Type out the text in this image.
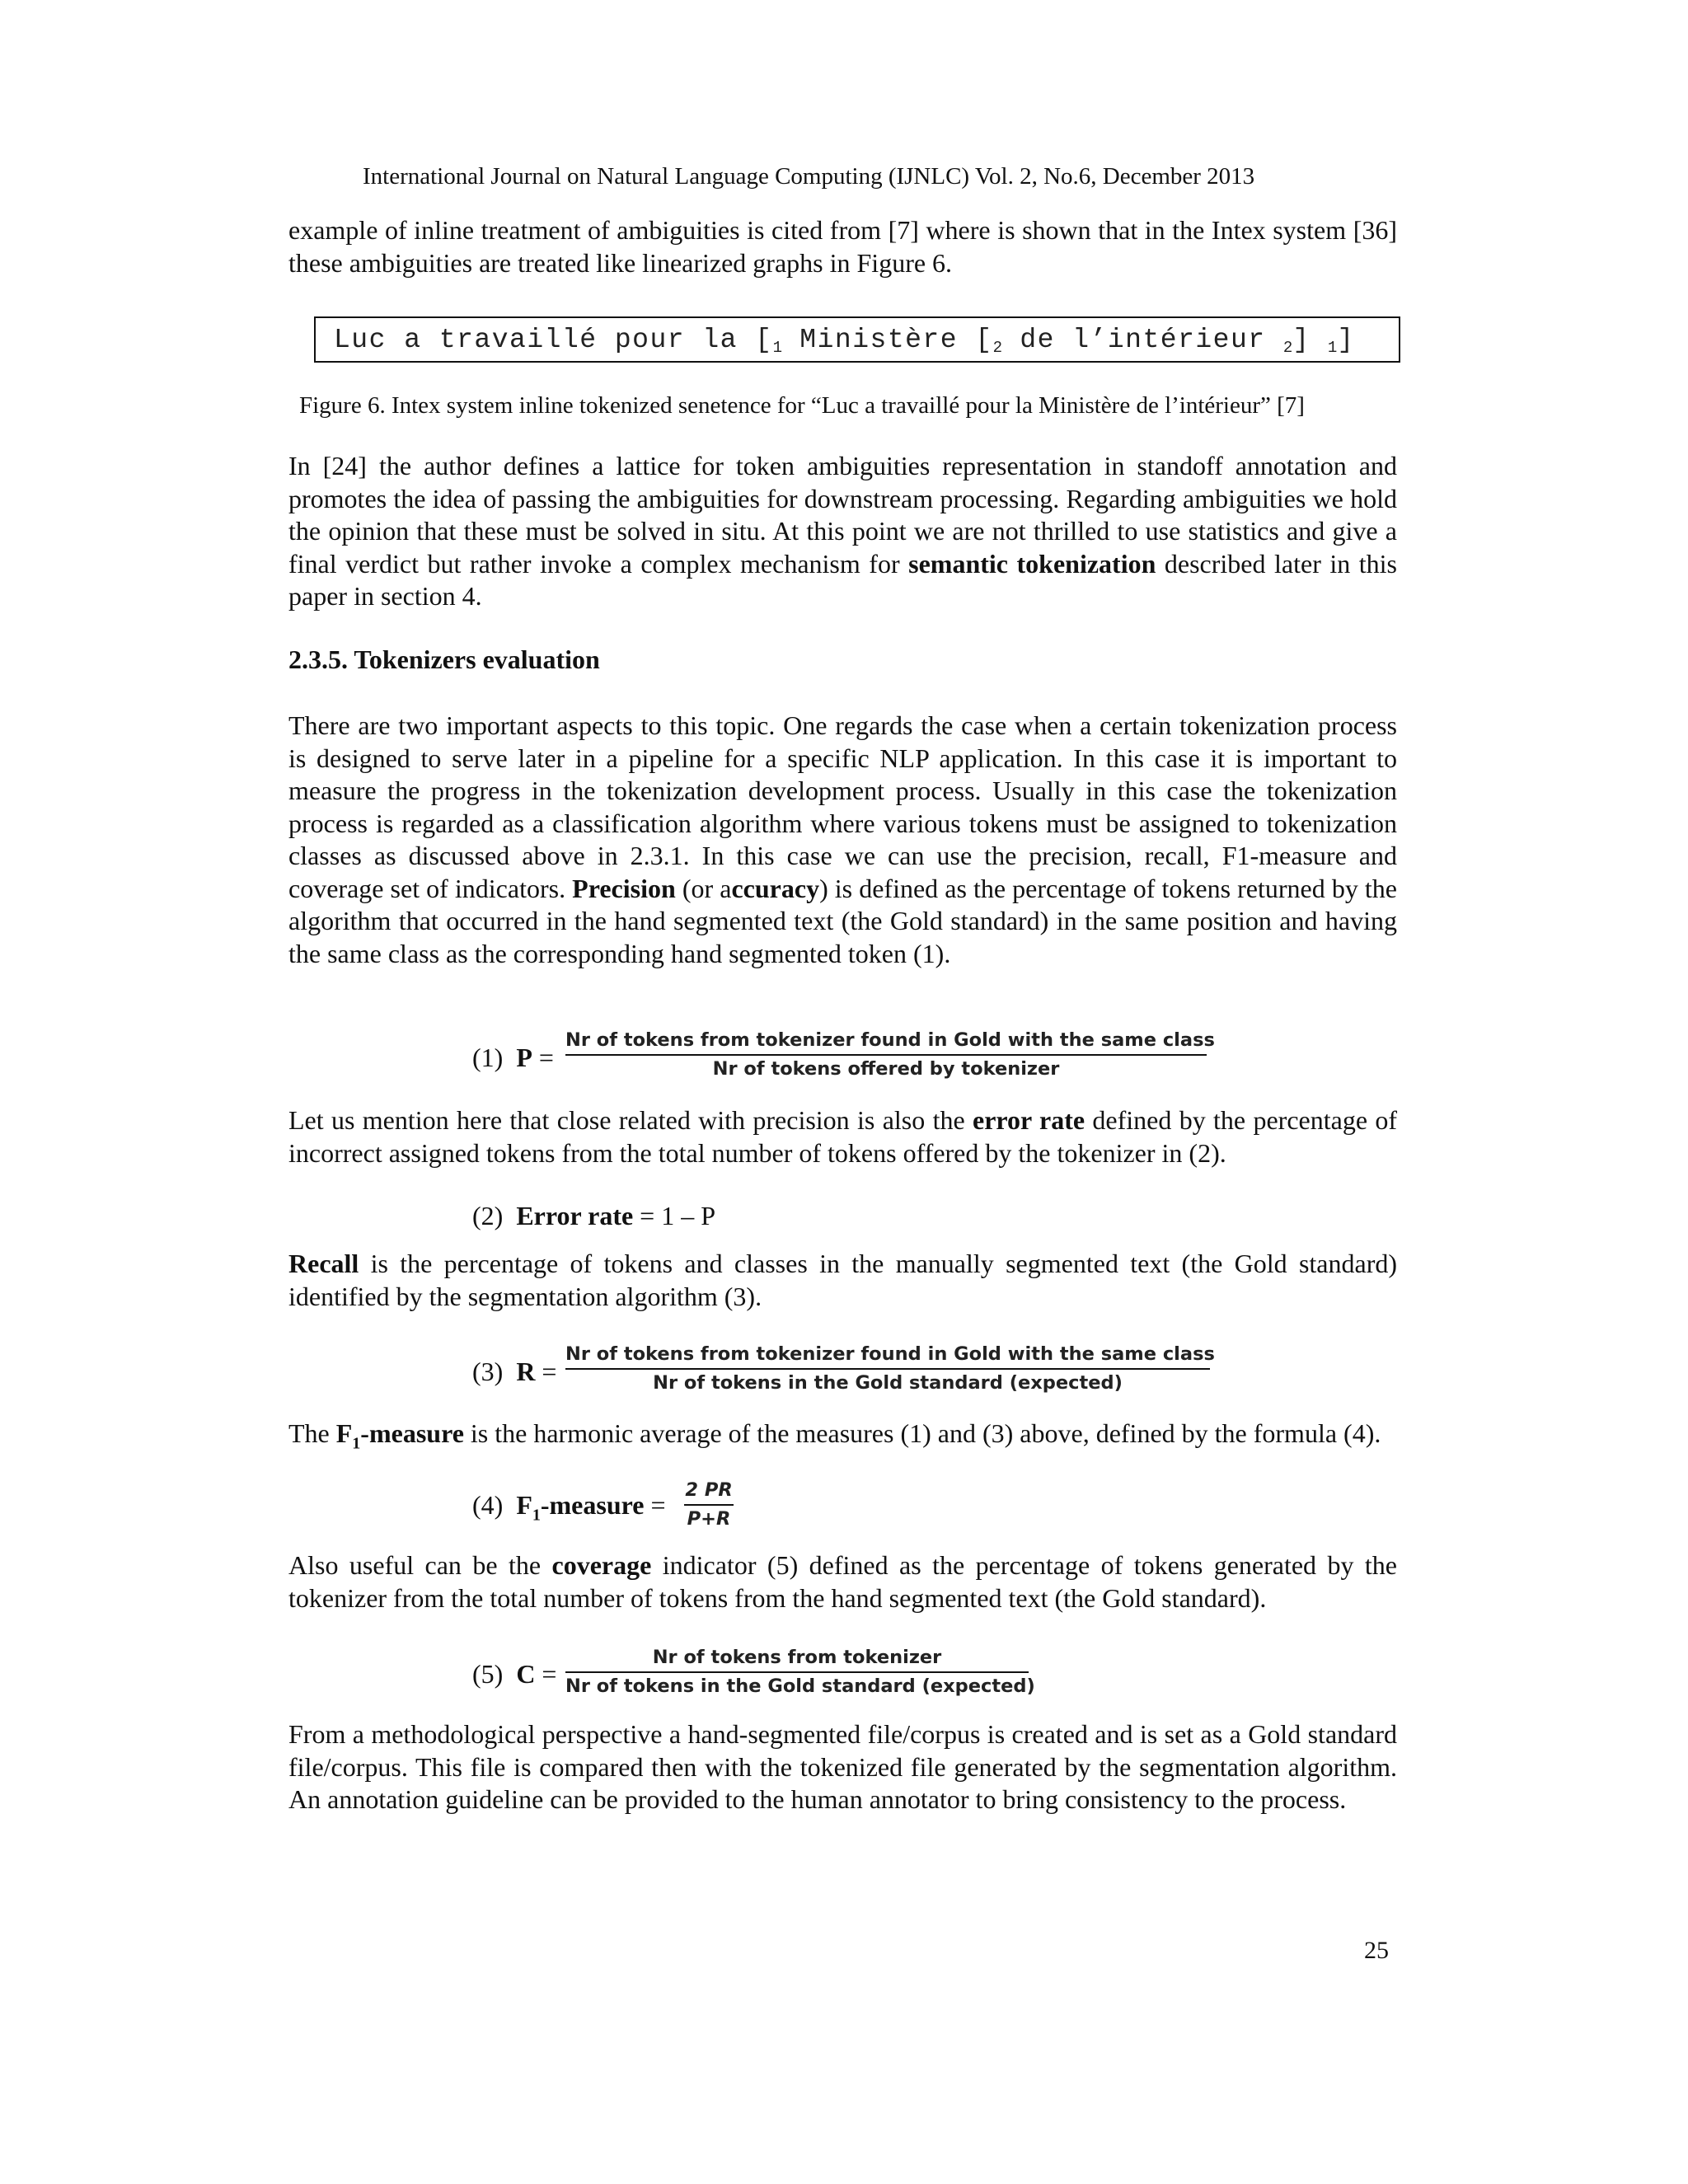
International Journal on Natural Language Computing (IJNLC) Vol. 2, No.6, December 2013

example of inline treatment of ambiguities is cited from [7] where is shown that in the Intex system [36] these ambiguities are treated like linearized graphs in Figure 6.

Luc a travaillé pour la [$_1$ Ministère [$_2$ de l’intérieur $_2$] $_1$]
Figure 6. Intex system inline tokenized senetence for “Luc a travaillé pour la Ministère de l’intérieur” [7]

In [24] the author defines a lattice for token ambiguities representation in standoff annotation and promotes the idea of passing the ambiguities for downstream processing. Regarding ambiguities we hold the opinion that these must be solved in situ. At this point we are not thrilled to use statistics and give a final verdict but rather invoke a complex mechanism for semantic tokenization described later in this paper in section 4.

2.3.5. Tokenizers evaluation

There are two important aspects to this topic. One regards the case when a certain tokenization process is designed to serve later in a pipeline for a specific NLP application. In this case it is important to measure the progress in the tokenization development process. Usually in this case the tokenization process is regarded as a classification algorithm where various tokens must be assigned to tokenization classes as discussed above in 2.3.1. In this case we can use the precision, recall, F1-measure and coverage set of indicators. Precision (or accuracy) is defined as the percentage of tokens returned by the algorithm that occurred in the hand segmented text (the Gold standard) in the same position and having the same class as the corresponding hand segmented token (1).

(1) P =
Nr of tokens from tokenizer found in Gold with the same class
Nr of tokens offered by tokenizer

Let us mention here that close related with precision is also the error rate defined by the percentage of incorrect assigned tokens from the total number of tokens offered by the tokenizer in (2).

(2) Error rate = 1 – P

Recall is the percentage of tokens and classes in the manually segmented text (the Gold standard) identified by the segmentation algorithm (3).

(3) R =
Nr of tokens from tokenizer found in Gold with the same class
Nr of tokens in the Gold standard (expected)

The $F_1$-measure is the harmonic average of the measures (1) and (3) above, defined by the formula (4).

(4) $F_1$-measure = $\frac{2 PR}{P+R}$

Also useful can be the coverage indicator (5) defined as the percentage of tokens generated by the tokenizer from the total number of tokens from the hand segmented text (the Gold standard).

(5) C =
Nr of tokens from tokenizer
Nr of tokens in the Gold standard (expected)

From a methodological perspective a hand-segmented file/corpus is created and is set as a Gold standard file/corpus. This file is compared then with the tokenized file generated by the segmentation algorithm. An annotation guideline can be provided to the human annotator to bring consistency to the process.

25
